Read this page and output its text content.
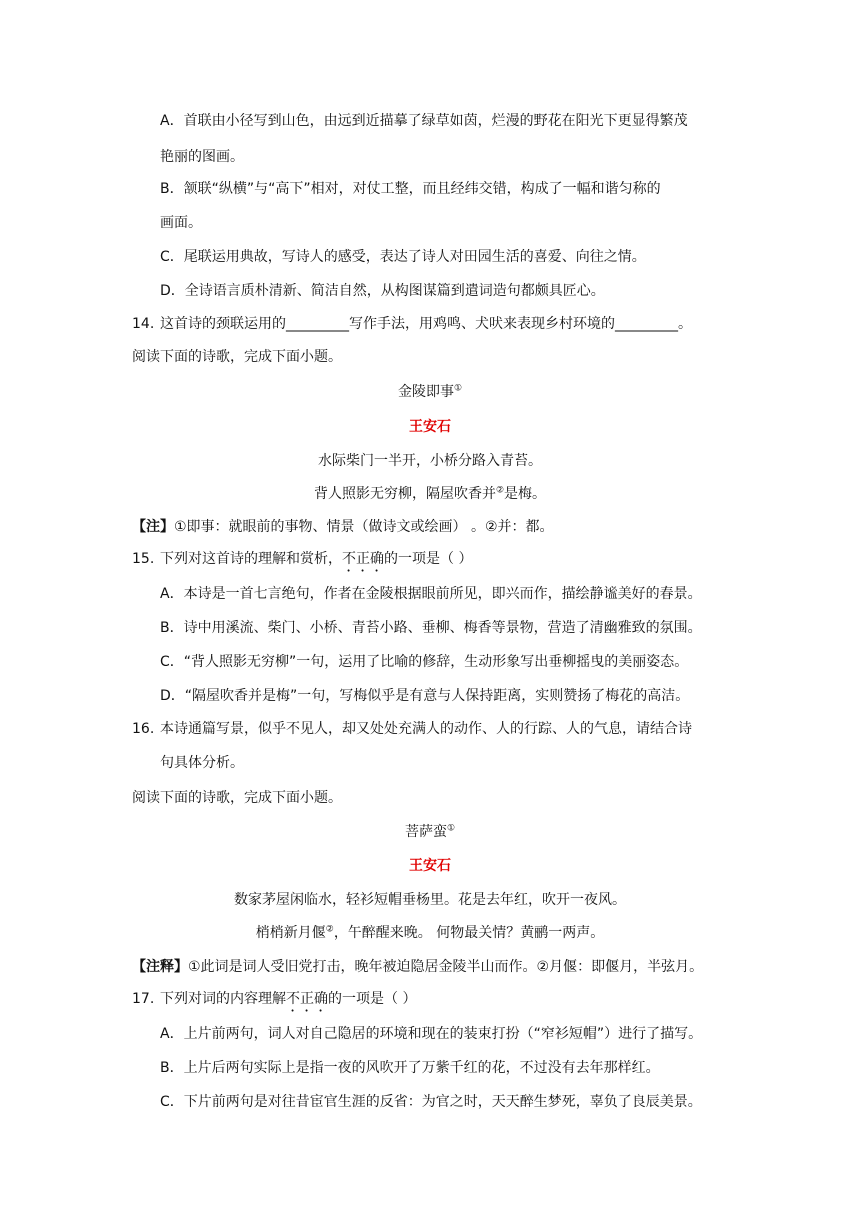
A．首联由小径写到山色，由远到近描摹了绿草如茵，烂漫的野花在阳光下更显得繁茂
艳丽的图画。
B．颔联“纵横”与“高下”相对，对仗工整，而且经纬交错，构成了一幅和谐匀称的
画面。
C．尾联运用典故，写诗人的感受，表达了诗人对田园生活的喜爱、向往之情。
D．全诗语言质朴清新、简洁自然，从构图谋篇到遣词造句都颇具匠心。
14. 这首诗的颈联运用的_________写作手法，用鸡鸣、犬吠来表现乡村环境的_________。
阅读下面的诗歌，完成下面小题。
金陵即事①
王安石
水际柴门一半开，小桥分路入青苔。
背人照影无穷柳，隔屋吹香并②是梅。
【注】①即事：就眼前的事物、情景（做诗文或绘画） 。②并：都。
15. 下列对这首诗的理解和赏析，不正确的一项是（ ）
A．本诗是一首七言绝句，作者在金陵根据眼前所见，即兴而作，描绘静谧美好的春景。
B．诗中用溪流、柴门、小桥、青苔小路、垂柳、梅香等景物，营造了清幽雅致的氛围。
C．“背人照影无穷柳”一句，运用了比喻的修辞，生动形象写出垂柳摇曳的美丽姿态。
D．“隔屋吹香并是梅”一句，写梅似乎是有意与人保持距离，实则赞扬了梅花的高洁。
16. 本诗通篇写景，似乎不见人，却又处处充满人的动作、人的行踪、人的气息，请结合诗
句具体分析。
阅读下面的诗歌，完成下面小题。
菩萨蛮①
王安石
数家茅屋闲临水，轻衫短帽垂杨里。花是去年红，吹开一夜风。
梢梢新月偃②，午醉醒来晚。 何物最关情？黄鹂一两声。
【注释】①此词是词人受旧党打击，晚年被迫隐居金陵半山而作。②月偃：即偃月，半弦月。
17. 下列对词的内容理解不正确的一项是（ ）
A．上片前两句，词人对自己隐居的环境和现在的装束打扮（“窄衫短帽”）进行了描写。
B．上片后两句实际上是指一夜的风吹开了万紫千红的花，不过没有去年那样红。
C．下片前两句是对往昔宦官生涯的反省：为官之时，天天醉生梦死，辜负了良辰美景。
